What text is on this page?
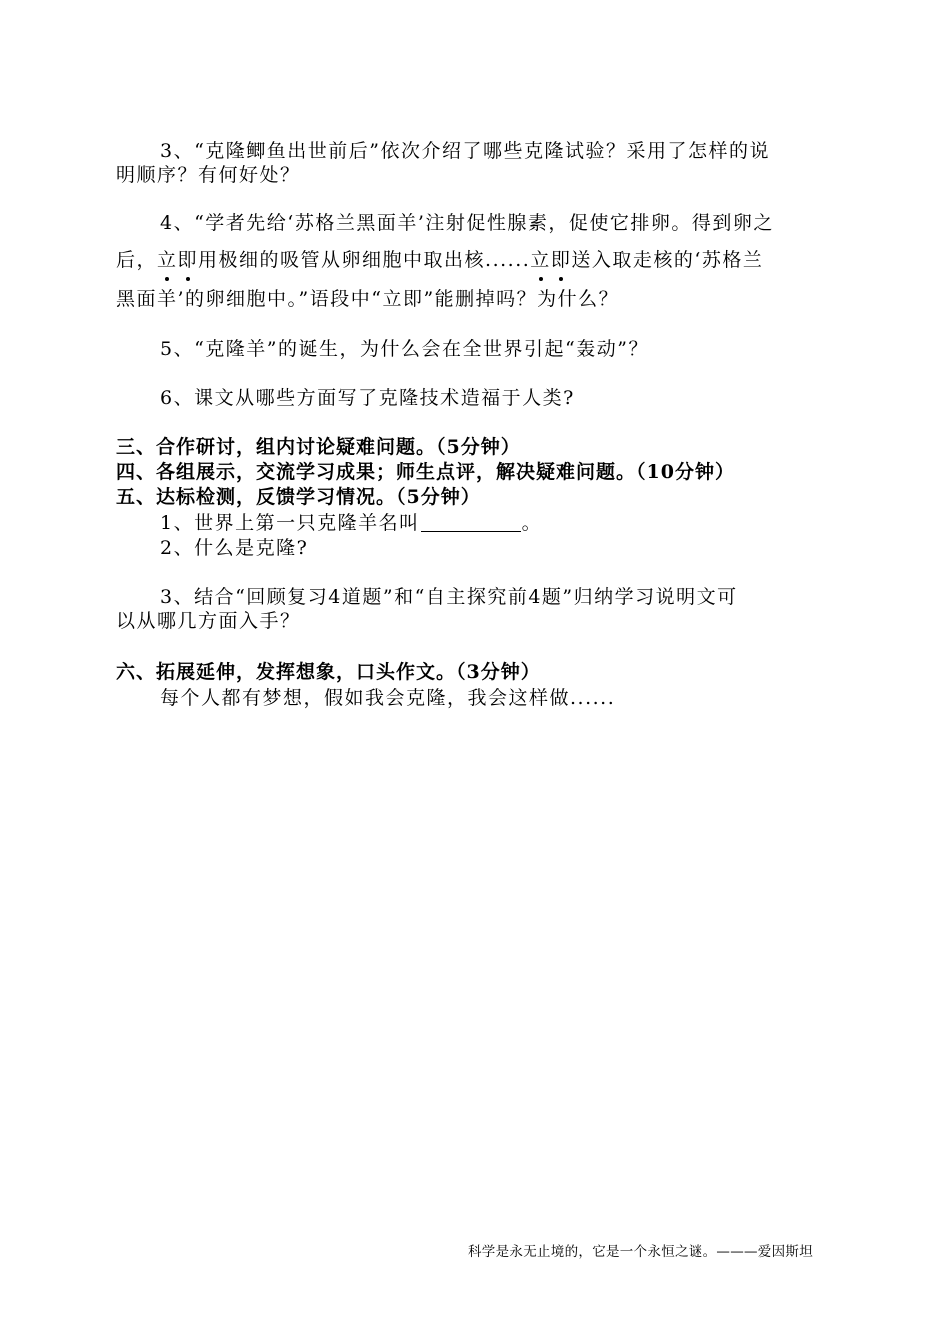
3、“克隆鲫鱼出世前后”依次介绍了哪些克隆试验？采用了怎样的说
明顺序？有何好处？
4、“学者先给‘苏格兰黑面羊’注射促性腺素，促使它排卵。得到卵之
后，立即用极细的吸管从卵细胞中取出核......立即送入取走核的‘苏格兰
黑面羊’的卵细胞中。”语段中“立即”能删掉吗？为什么？
5、“克隆羊”的诞生，为什么会在全世界引起“轰动”？
6、课文从哪些方面写了克隆技术造福于人类?
三、合作研讨，组内讨论疑难问题。（5分钟）
四、各组展示，交流学习成果；师生点评，解决疑难问题。（10分钟）
五、达标检测，反馈学习情况。（5分钟）
1、世界上第一只克隆羊名叫	。
2、什么是克隆?
3、结合“回顾复习4道题”和“自主探究前4题”归纳学习说明文可
以从哪几方面入手？
六、拓展延伸，发挥想象，口头作文。（3分钟）
每个人都有梦想，假如我会克隆，我会这样做......
科学是永无止境的，它是一个永恒之谜。———爱因斯坦
